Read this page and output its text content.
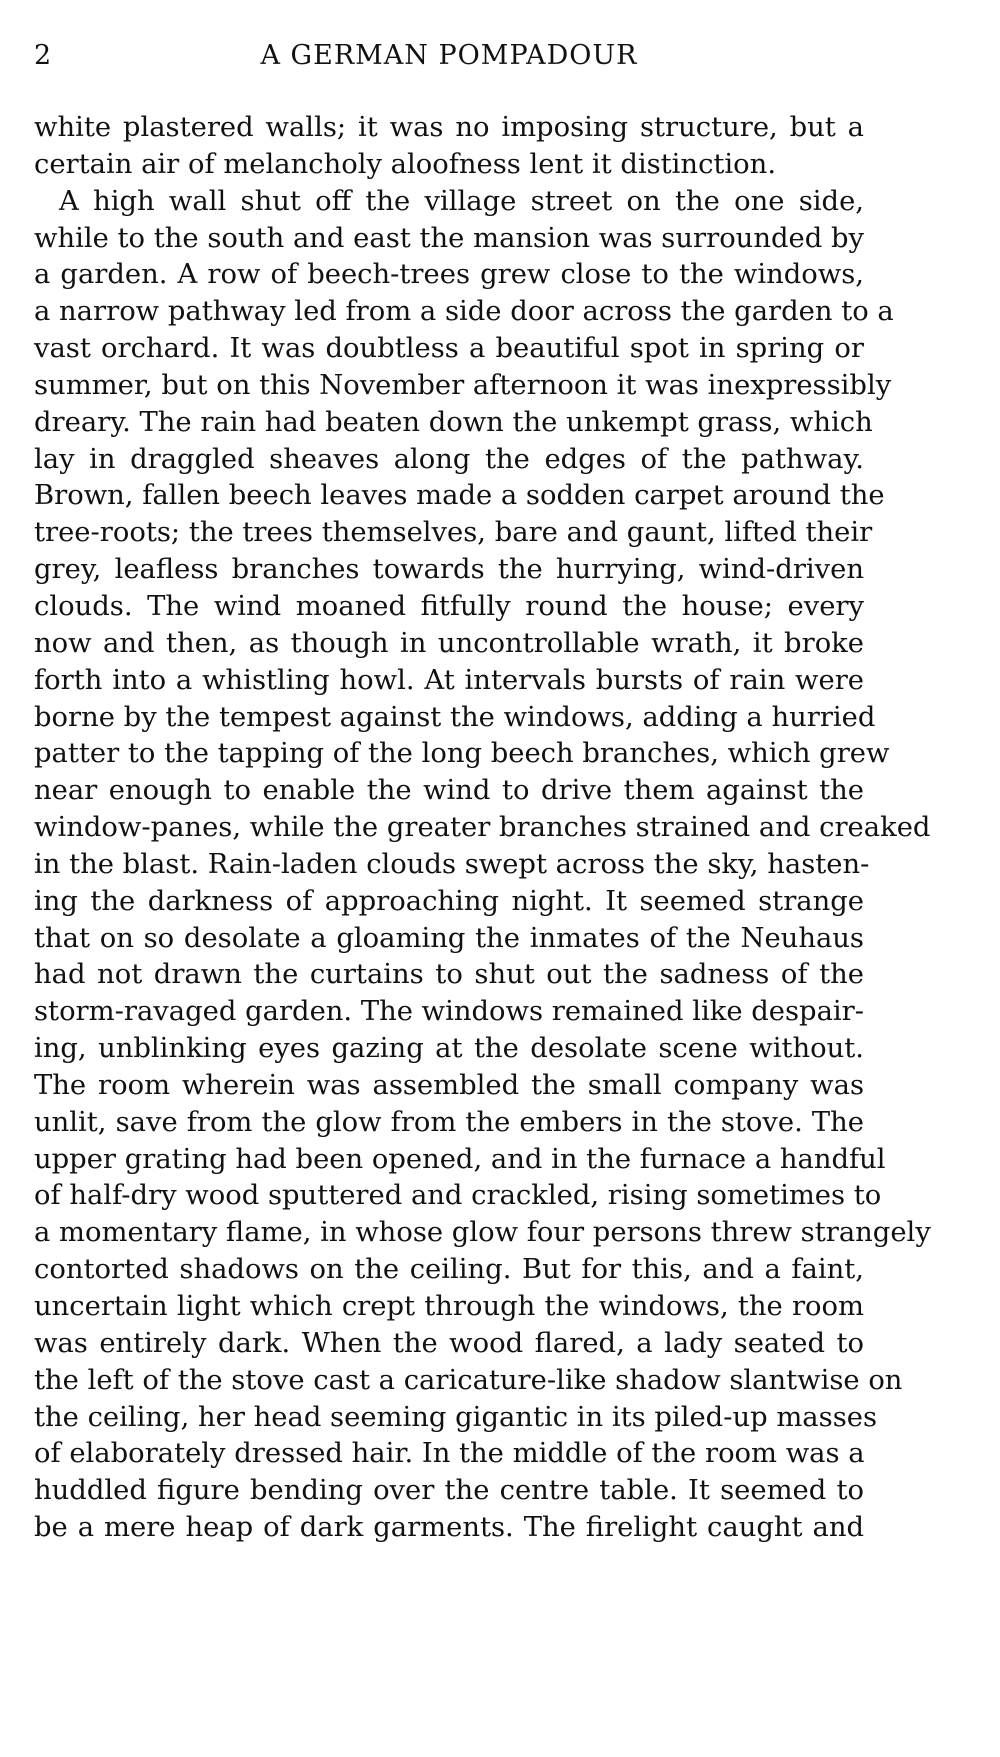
2	A GERMAN POMPADOUR
white plastered walls; it was no imposing structure, but a
certain air of melancholy aloofness lent it distinction.
A high wall shut off the village street on the one side,
while to the south and east the mansion was surrounded by
a garden. A row of beech-trees grew close to the windows,
a narrow pathway led from a side door across the garden to a
vast orchard. It was doubtless a beautiful spot in spring or
summer, but on this November afternoon it was inexpressibly
dreary. The rain had beaten down the unkempt grass, which
lay in draggled sheaves along the edges of the pathway.
Brown, fallen beech leaves made a sodden carpet around the
tree-roots; the trees themselves, bare and gaunt, lifted their
grey, leafless branches towards the hurrying, wind-driven
clouds. The wind moaned fitfully round the house; every
now and then, as though in uncontrollable wrath, it broke
forth into a whistling howl. At intervals bursts of rain were
borne by the tempest against the windows, adding a hurried
patter to the tapping of the long beech branches, which grew
near enough to enable the wind to drive them against the
window-panes, while the greater branches strained and creaked
in the blast. Rain-laden clouds swept across the sky, hasten-
ing the darkness of approaching night. It seemed strange
that on so desolate a gloaming the inmates of the Neuhaus
had not drawn the curtains to shut out the sadness of the
storm-ravaged garden. The windows remained like despair-
ing, unblinking eyes gazing at the desolate scene without.
The room wherein was assembled the small company was
unlit, save from the glow from the embers in the stove. The
upper grating had been opened, and in the furnace a handful
of half-dry wood sputtered and crackled, rising sometimes to
a momentary flame, in whose glow four persons threw strangely
contorted shadows on the ceiling. But for this, and a faint,
uncertain light which crept through the windows, the room
was entirely dark. When the wood flared, a lady seated to
the left of the stove cast a caricature-like shadow slantwise on
the ceiling, her head seeming gigantic in its piled-up masses
of elaborately dressed hair. In the middle of the room was a
huddled figure bending over the centre table. It seemed to
be a mere heap of dark garments. The firelight caught and
